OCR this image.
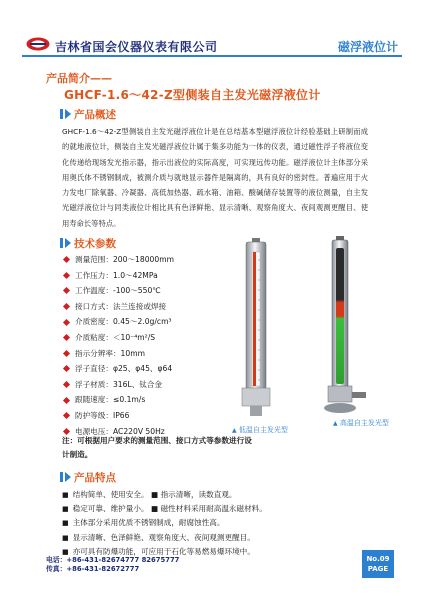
吉林省国会仪器仪表有限公司	磁浮液位计
产品简介——
GHCF-1.6～42-Z型侧装自主发光磁浮液位计
产品概述

GHCF-1.6～42-Z型侧装自主发光磁浮液位计是在总结基本型磁浮液位计经验基础上研制而成的就地液位计，侧装自主发光磁浮液位计属于集多功能为一体的仪表，通过磁性浮子将液位变化传递给现场发光指示器，指示出液位的实际高度，可实现远传功能。磁浮液位计主体部分采用奥氏体不锈钢制成，被测介质与就地显示器件是隔离的，具有良好的密封性。普遍应用于火力发电厂除氧器、冷凝器、高低加热器、疏水箱、油箱、酸碱储存装置等的液位测量，自主发光磁浮液位计与同类液位计相比具有色泽鲜艳、显示清晰、观察角度大、夜间观测更醒目、使用寿命长等特点。

技术参数
测量范围：200～18000mm
工作压力：1.0～42MPa
工作温度：-100～550℃
接口方式：法兰连接或焊接
介质密度：0.45～2.0g/cm³
介质粘度：＜10⁻⁴m²/S
指示分辨率：10mm
浮子直径：φ25、φ45、φ64
浮子材质：316L、钛合金
跟随速度：≤0.1m/s
防护等级：IP66
电源电压：AC220V 50Hz

注：可根据用户要求的测量范围、接口方式等参数进行设计制造。

▲ 低温自主发光型
▲ 高温自主发光型
产品特点
■ 结构简单、使用安全。 ■ 指示清晰，读数直观。
■ 稳定可靠、维护量小。 ■ 磁性材料采用耐高温永磁材料。
■ 主体部分采用优质不锈钢制成，耐腐蚀性高。
■ 显示清晰、色泽鲜艳、观察角度大、夜间观测更醒目。
■ 亦可具有防爆功能，可应用于石化等易燃易爆环境中。
电话：+86-431-82674777 82675777
传真：+86-431-82672777
No.09
PAGE
